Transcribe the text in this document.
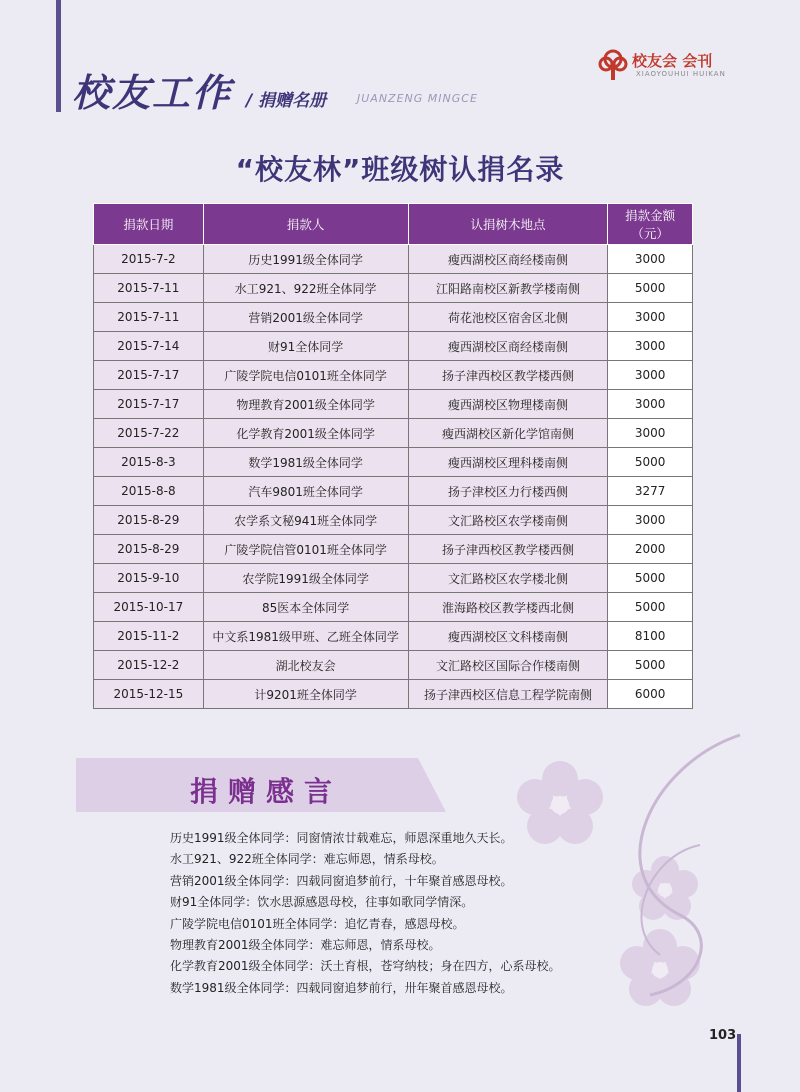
校友工作 / 捐赠名册	JUANZENG MINGCE
校友会 会刊
XIAOYOUHUI HUIKAN
“校友林”班级树认捐名录
捐款日期	捐款人	认捐树木地点	捐款金额
（元）
2015-7-2	历史1991级全体同学	瘦西湖校区商经楼南侧	3000
2015-7-11	水工921、922班全体同学	江阳路南校区新教学楼南侧	5000
2015-7-11	营销2001级全体同学	荷花池校区宿舍区北侧	3000
2015-7-14	财91全体同学	瘦西湖校区商经楼南侧	3000
2015-7-17	广陵学院电信0101班全体同学	扬子津西校区教学楼西侧	3000
2015-7-17	物理教育2001级全体同学	瘦西湖校区物理楼南侧	3000
2015-7-22	化学教育2001级全体同学	瘦西湖校区新化学馆南侧	3000
2015-8-3	数学1981级全体同学	瘦西湖校区理科楼南侧	5000
2015-8-8	汽车9801班全体同学	扬子津校区力行楼西侧	3277
2015-8-29	农学系文秘941班全体同学	文汇路校区农学楼南侧	3000
2015-8-29	广陵学院信管0101班全体同学	扬子津西校区教学楼西侧	2000
2015-9-10	农学院1991级全体同学	文汇路校区农学楼北侧	5000
2015-10-17	85医本全体同学	淮海路校区教学楼西北侧	5000
2015-11-2	中文系1981级甲班、乙班全体同学	瘦西湖校区文科楼南侧	8100
2015-12-2	湖北校友会	文汇路校区国际合作楼南侧	5000
2015-12-15	计9201班全体同学	扬子津西校区信息工程学院南侧	6000
捐赠感言
历史1991级全体同学：同窗情浓廿载难忘，师恩深重地久天长。
水工921、922班全体同学：难忘师恩，情系母校。
营销2001级全体同学：四载同窗追梦前行，十年聚首感恩母校。
财91全体同学：饮水思源感恩母校，往事如歌同学情深。
广陵学院电信0101班全体同学：追忆青春，感恩母校。
物理教育2001级全体同学：难忘师恩，情系母校。
化学教育2001级全体同学：沃土育根，苍穹纳枝；身在四方，心系母校。
数学1981级全体同学：四载同窗追梦前行，卅年聚首感恩母校。
103
